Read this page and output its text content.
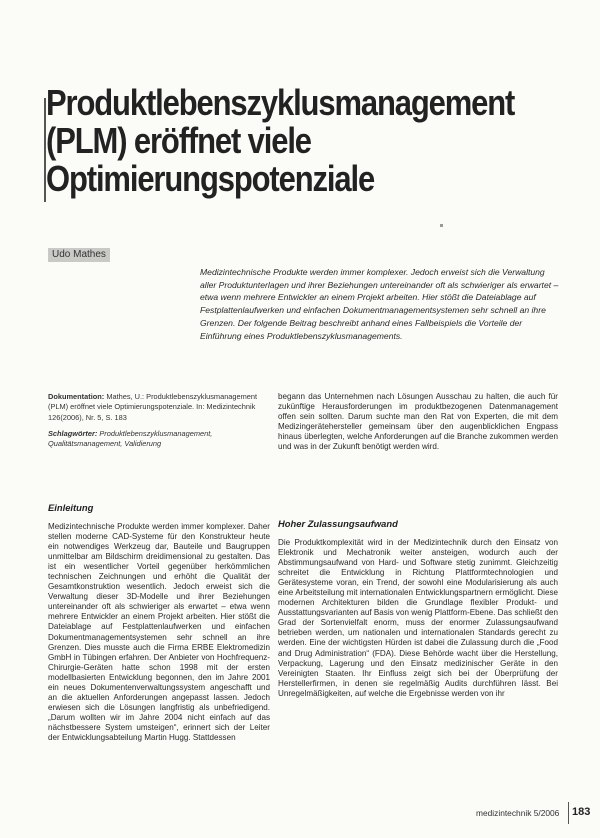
Produktlebenszyklusmanagement
(PLM) eröffnet viele
Optimierungspotenziale
Udo Mathes
Medizintechnische Produkte werden immer komplexer. Jedoch erweist sich die Verwaltung aller Produktunterlagen und ihrer Beziehungen untereinander oft als schwieriger als erwartet – etwa wenn mehrere Entwickler an einem Projekt arbeiten. Hier stößt die Dateiablage auf Festplattenlaufwerken und einfachen Dokumentmanagementsystemen sehr schnell an ihre Grenzen. Der folgende Beitrag beschreibt anhand eines Fallbeispiels die Vorteile der Einführung eines Produktlebenszyklusmanagements.
Dokumentation: Mathes, U.: Produktlebenszyklusmanagement (PLM) eröffnet viele Optimierungspotenziale. In: Medizintechnik 126(2006), Nr. 5, S. 183
Schlagwörter: Produktlebenszyklusmanagement, Qualitätsmanagement, Validierung
Einleitung
Medizintechnische Produkte werden immer komplexer. Daher stellen moderne CAD-Systeme für den Konstrukteur heute ein notwendiges Werkzeug dar, Bauteile und Baugruppen unmittelbar am Bildschirm dreidimensional zu gestalten. Das ist ein wesentlicher Vorteil gegenüber herkömmlichen technischen Zeichnungen und erhöht die Qualität der Gesamtkonstruktion wesentlich. Jedoch erweist sich die Verwaltung dieser 3D-Modelle und ihrer Beziehungen untereinander oft als schwieriger als erwartet – etwa wenn mehrere Entwickler an einem Projekt arbeiten. Hier stößt die Dateiablage auf Festplattenlaufwerken und einfachen Dokumentmanagementsystemen sehr schnell an ihre Grenzen. Dies musste auch die Firma ERBE Elektromedizin GmbH in Tübingen erfahren. Der Anbieter von Hochfrequenz-Chirurgie-Geräten hatte schon 1998 mit der ersten modellbasierten Entwicklung begonnen, den im Jahre 2001 ein neues Dokumentenverwaltungssystem angeschafft und an die aktuellen Anforderungen angepasst lassen. Jedoch erwiesen sich die Lösungen langfristig als unbefriedigend. „Darum wollten wir im Jahre 2004 nicht einfach auf das nächstbessere System umsteigen“, erinnert sich der Leiter der Entwicklungsabteilung Martin Hugg. Stattdessen
begann das Unternehmen nach Lösungen Ausschau zu halten, die auch für zukünftige Herausforderungen im produktbezogenen Datenmanagement offen sein sollten. Darum suchte man den Rat von Experten, die mit dem Medizingerätehersteller gemeinsam über den augenblicklichen Engpass hinaus überlegten, welche Anforderungen auf die Branche zukommen werden und was in der Zukunft benötigt werden wird.
Hoher Zulassungsaufwand
Die Produktkomplexität wird in der Medizintechnik durch den Einsatz von Elektronik und Mechatronik weiter ansteigen, wodurch auch der Abstimmungsaufwand von Hard- und Software stetig zunimmt. Gleichzeitig schreitet die Entwicklung in Richtung Plattformtechnologien und Gerätesysteme voran, ein Trend, der sowohl eine Modularisierung als auch eine Arbeitsteilung mit internationalen Entwicklungspartnern ermöglicht. Diese modernen Architekturen bilden die Grundlage flexibler Produkt- und Ausstattungsvarianten auf Basis von wenig Plattform-Ebene. Das schließt den Grad der Sortenvielfalt enorm, muss der enormer Zulassungsaufwand betrieben werden, um nationalen und internationalen Standards gerecht zu werden. Eine der wichtigsten Hürden ist dabei die Zulassung durch die „Food and Drug Administration“ (FDA). Diese Behörde wacht über die Herstellung, Verpackung, Lagerung und den Einsatz medizinischer Geräte in den Vereinigten Staaten. Ihr Einfluss zeigt sich bei der Überprüfung der Herstellerfirmen, in denen sie regelmäßig Audits durchführen lässt. Bei Unregelmäßigkeiten, auf welche die Ergebnisse werden von ihr
medizintechnik 5/2006 183
